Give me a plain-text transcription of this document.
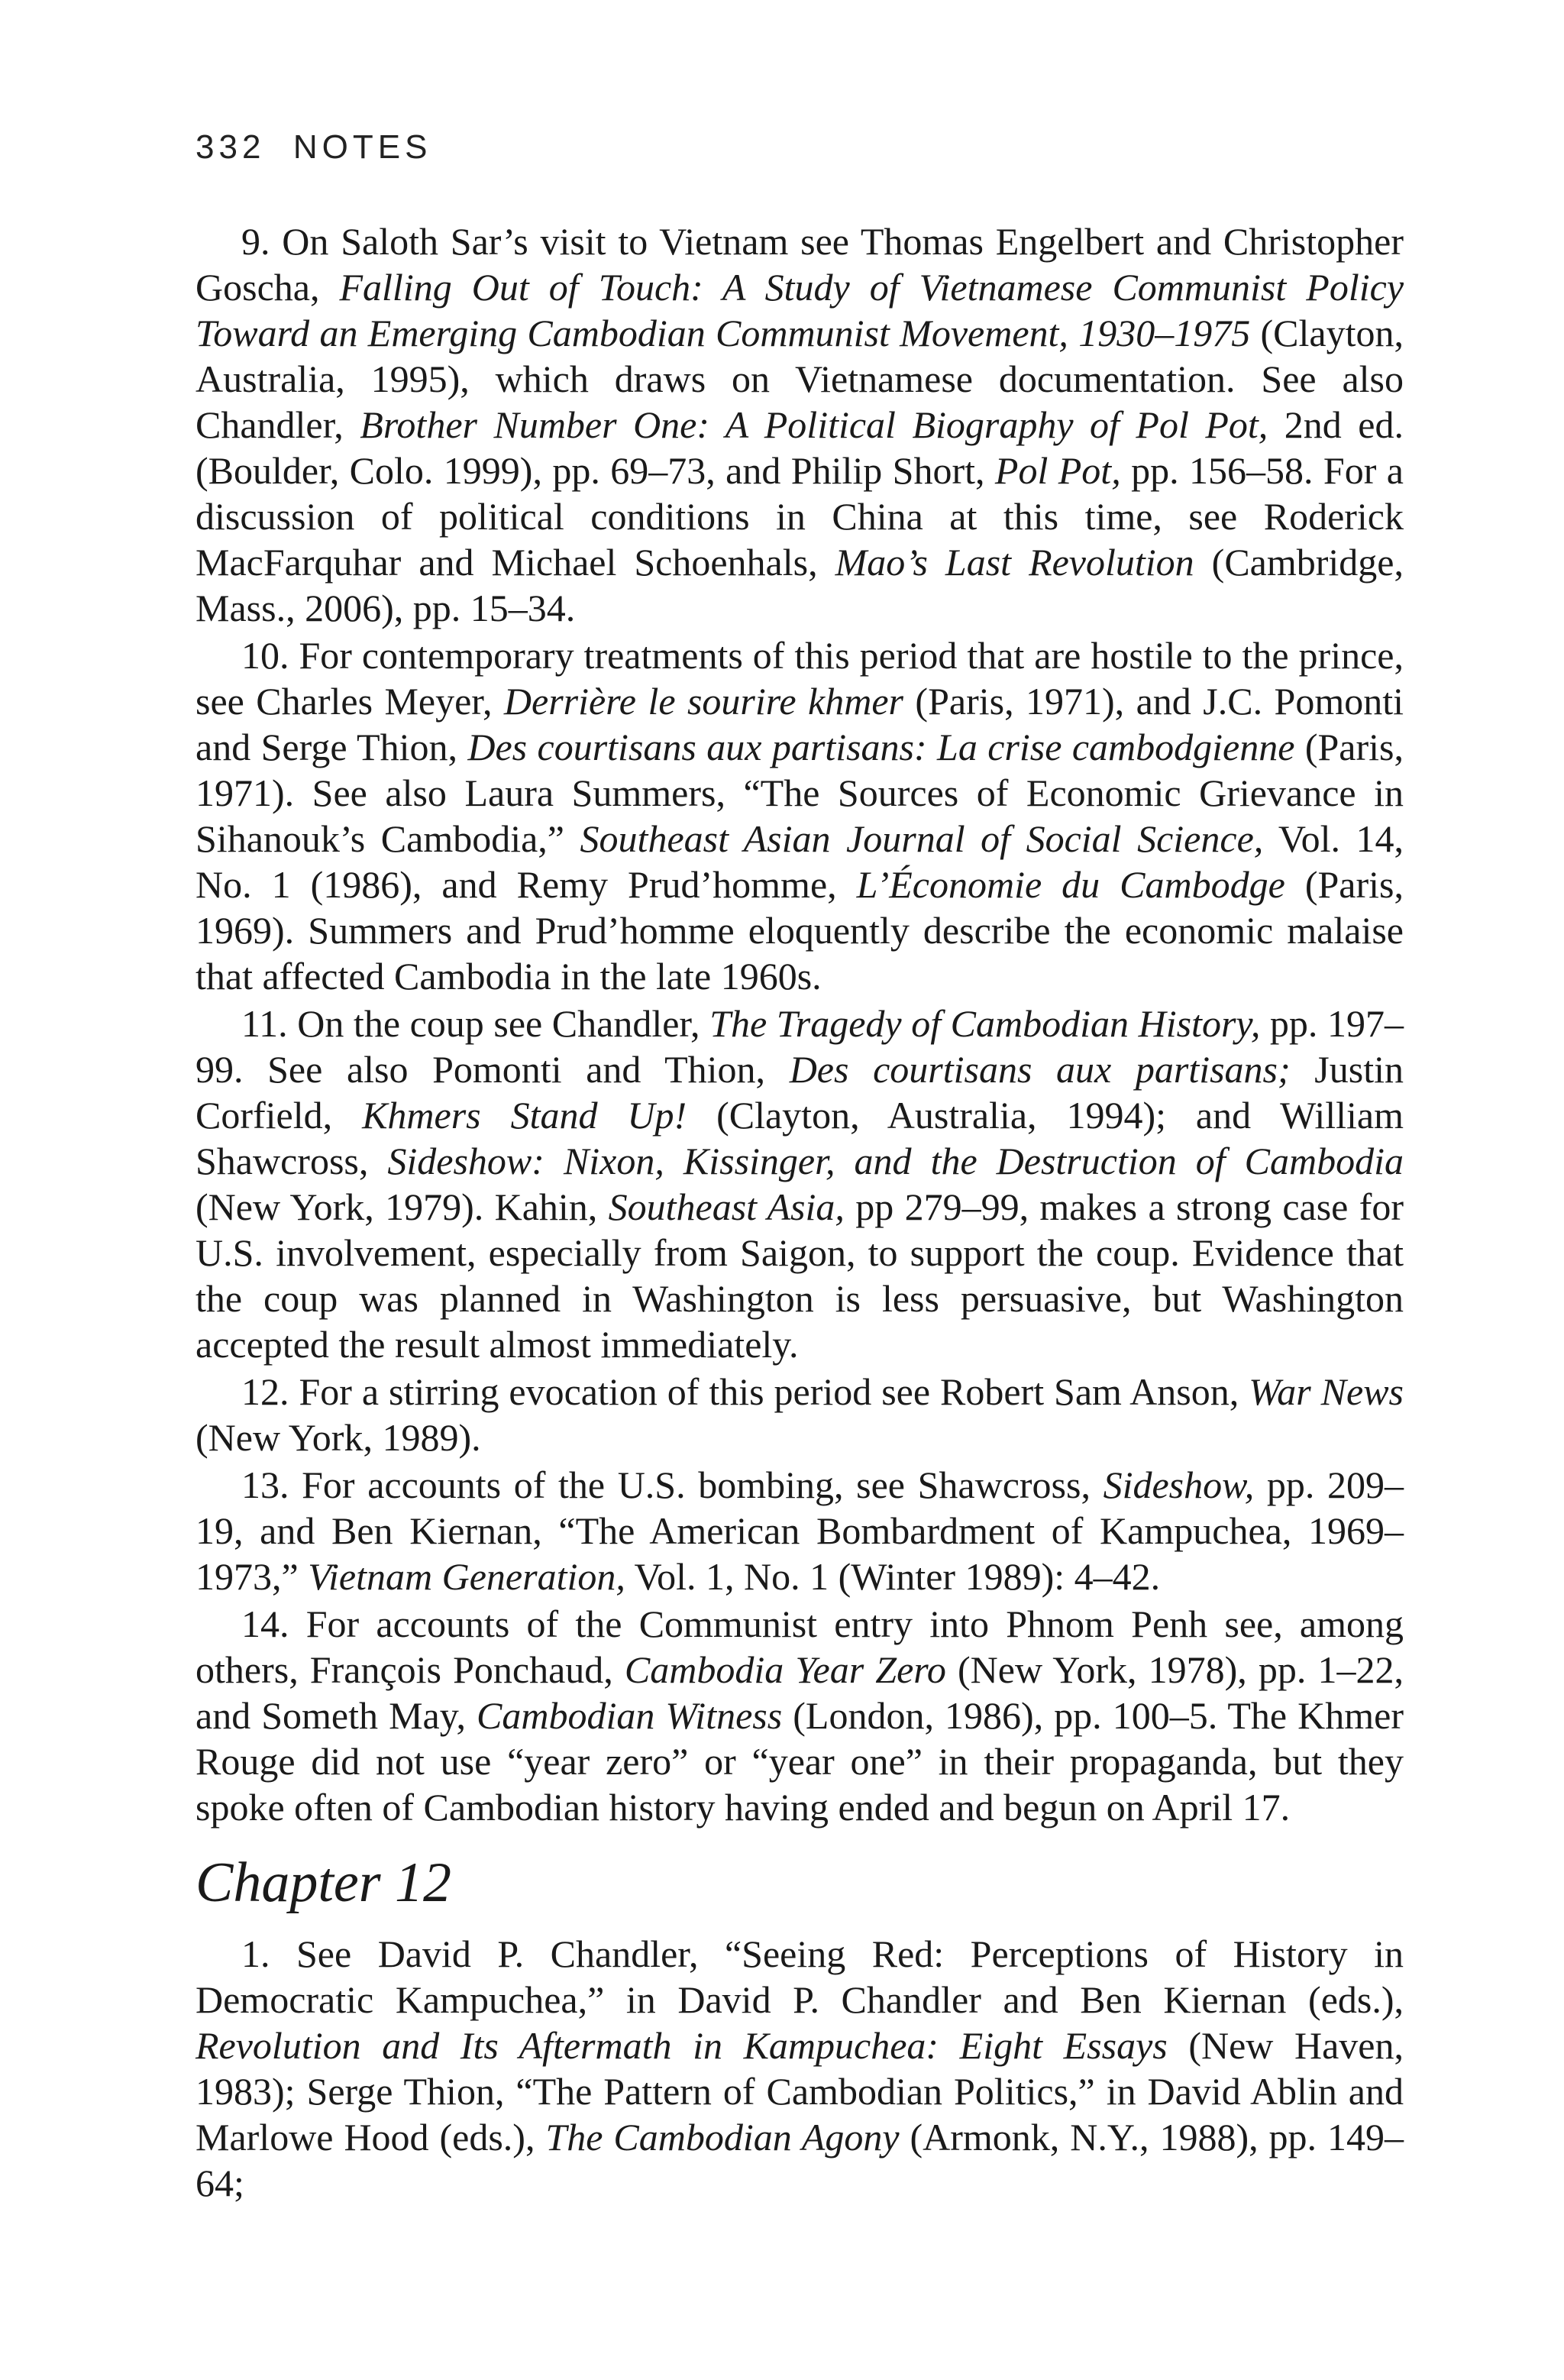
332 NOTES

9. On Saloth Sar’s visit to Vietnam see Thomas Engelbert and Christopher Goscha, Falling Out of Touch: A Study of Vietnamese Communist Policy Toward an Emerging Cambodian Communist Movement, 1930–1975 (Clayton, Australia, 1995), which draws on Vietnamese documentation. See also Chandler, Brother Number One: A Political Biography of Pol Pot, 2nd ed. (Boulder, Colo. 1999), pp. 69–73, and Philip Short, Pol Pot, pp. 156–58. For a discussion of political conditions in China at this time, see Roderick MacFarquhar and Michael Schoenhals, Mao’s Last Revolution (Cambridge, Mass., 2006), pp. 15–34.

10. For contemporary treatments of this period that are hostile to the prince, see Charles Meyer, Derrière le sourire khmer (Paris, 1971), and J.C. Pomonti and Serge Thion, Des courtisans aux partisans: La crise cambodgienne (Paris, 1971). See also Laura Summers, “The Sources of Economic Grievance in Sihanouk’s Cambodia,” Southeast Asian Journal of Social Science, Vol. 14, No. 1 (1986), and Remy Prud’homme, L’Économie du Cambodge (Paris, 1969). Summers and Prud’homme eloquently describe the economic malaise that affected Cambodia in the late 1960s.

11. On the coup see Chandler, The Tragedy of Cambodian History, pp. 197–99. See also Pomonti and Thion, Des courtisans aux partisans; Justin Corfield, Khmers Stand Up! (Clayton, Australia, 1994); and William Shawcross, Sideshow: Nixon, Kissinger, and the Destruction of Cambodia (New York, 1979). Kahin, Southeast Asia, pp 279–99, makes a strong case for U.S. involvement, especially from Saigon, to support the coup. Evidence that the coup was planned in Washington is less persuasive, but Washington accepted the result almost immediately.

12. For a stirring evocation of this period see Robert Sam Anson, War News (New York, 1989).

13. For accounts of the U.S. bombing, see Shawcross, Sideshow, pp. 209–19, and Ben Kiernan, “The American Bombardment of Kampuchea, 1969–1973,” Vietnam Generation, Vol. 1, No. 1 (Winter 1989): 4–42.

14. For accounts of the Communist entry into Phnom Penh see, among others, François Ponchaud, Cambodia Year Zero (New York, 1978), pp. 1–22, and Someth May, Cambodian Witness (London, 1986), pp. 100–5. The Khmer Rouge did not use “year zero” or “year one” in their propaganda, but they spoke often of Cambodian history having ended and begun on April 17.

Chapter 12

1. See David P. Chandler, “Seeing Red: Perceptions of History in Democratic Kampuchea,” in David P. Chandler and Ben Kiernan (eds.), Revolution and Its Aftermath in Kampuchea: Eight Essays (New Haven, 1983); Serge Thion, “The Pattern of Cambodian Politics,” in David Ablin and Marlowe Hood (eds.), The Cambodian Agony (Armonk, N.Y., 1988), pp. 149–64;
